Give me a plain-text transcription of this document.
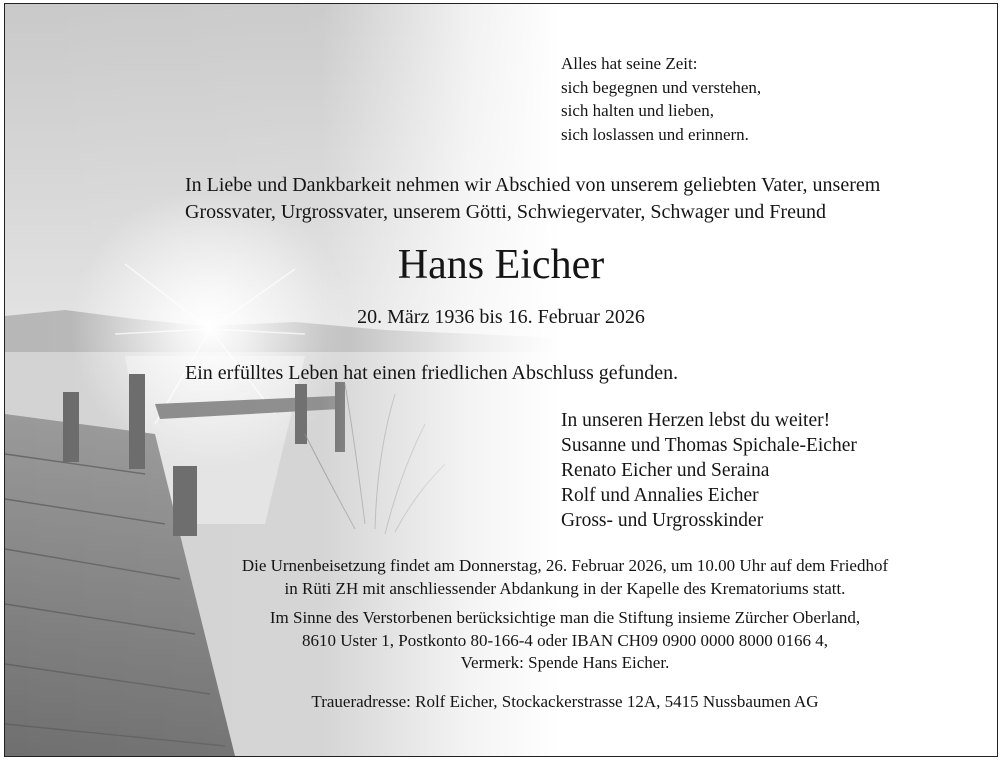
Alles hat seine Zeit:
sich begegnen und verstehen,
sich halten und lieben,
sich loslassen und erinnern.
In Liebe und Dankbarkeit nehmen wir Abschied von unserem geliebten Vater, unserem
Grossvater, Urgrossvater, unserem Götti, Schwiegervater, Schwager und Freund
Hans Eicher
20. März 1936 bis 16. Februar 2026
Ein erfülltes Leben hat einen friedlichen Abschluss gefunden.
In unseren Herzen lebst du weiter!
Susanne und Thomas Spichale-Eicher
Renato Eicher und Seraina
Rolf und Annalies Eicher
Gross- und Urgrosskinder
Die Urnenbeisetzung findet am Donnerstag, 26. Februar 2026, um 10.00 Uhr auf dem Friedhof
in Rüti ZH mit anschliessender Abdankung in der Kapelle des Krematoriums statt.
Im Sinne des Verstorbenen berücksichtige man die Stiftung insieme Zürcher Oberland,
8610 Uster 1, Postkonto 80-166-4 oder IBAN CH09 0900 0000 8000 0166 4,
Vermerk: Spende Hans Eicher.
Traueradresse: Rolf Eicher, Stockackerstrasse 12A, 5415 Nussbaumen AG
